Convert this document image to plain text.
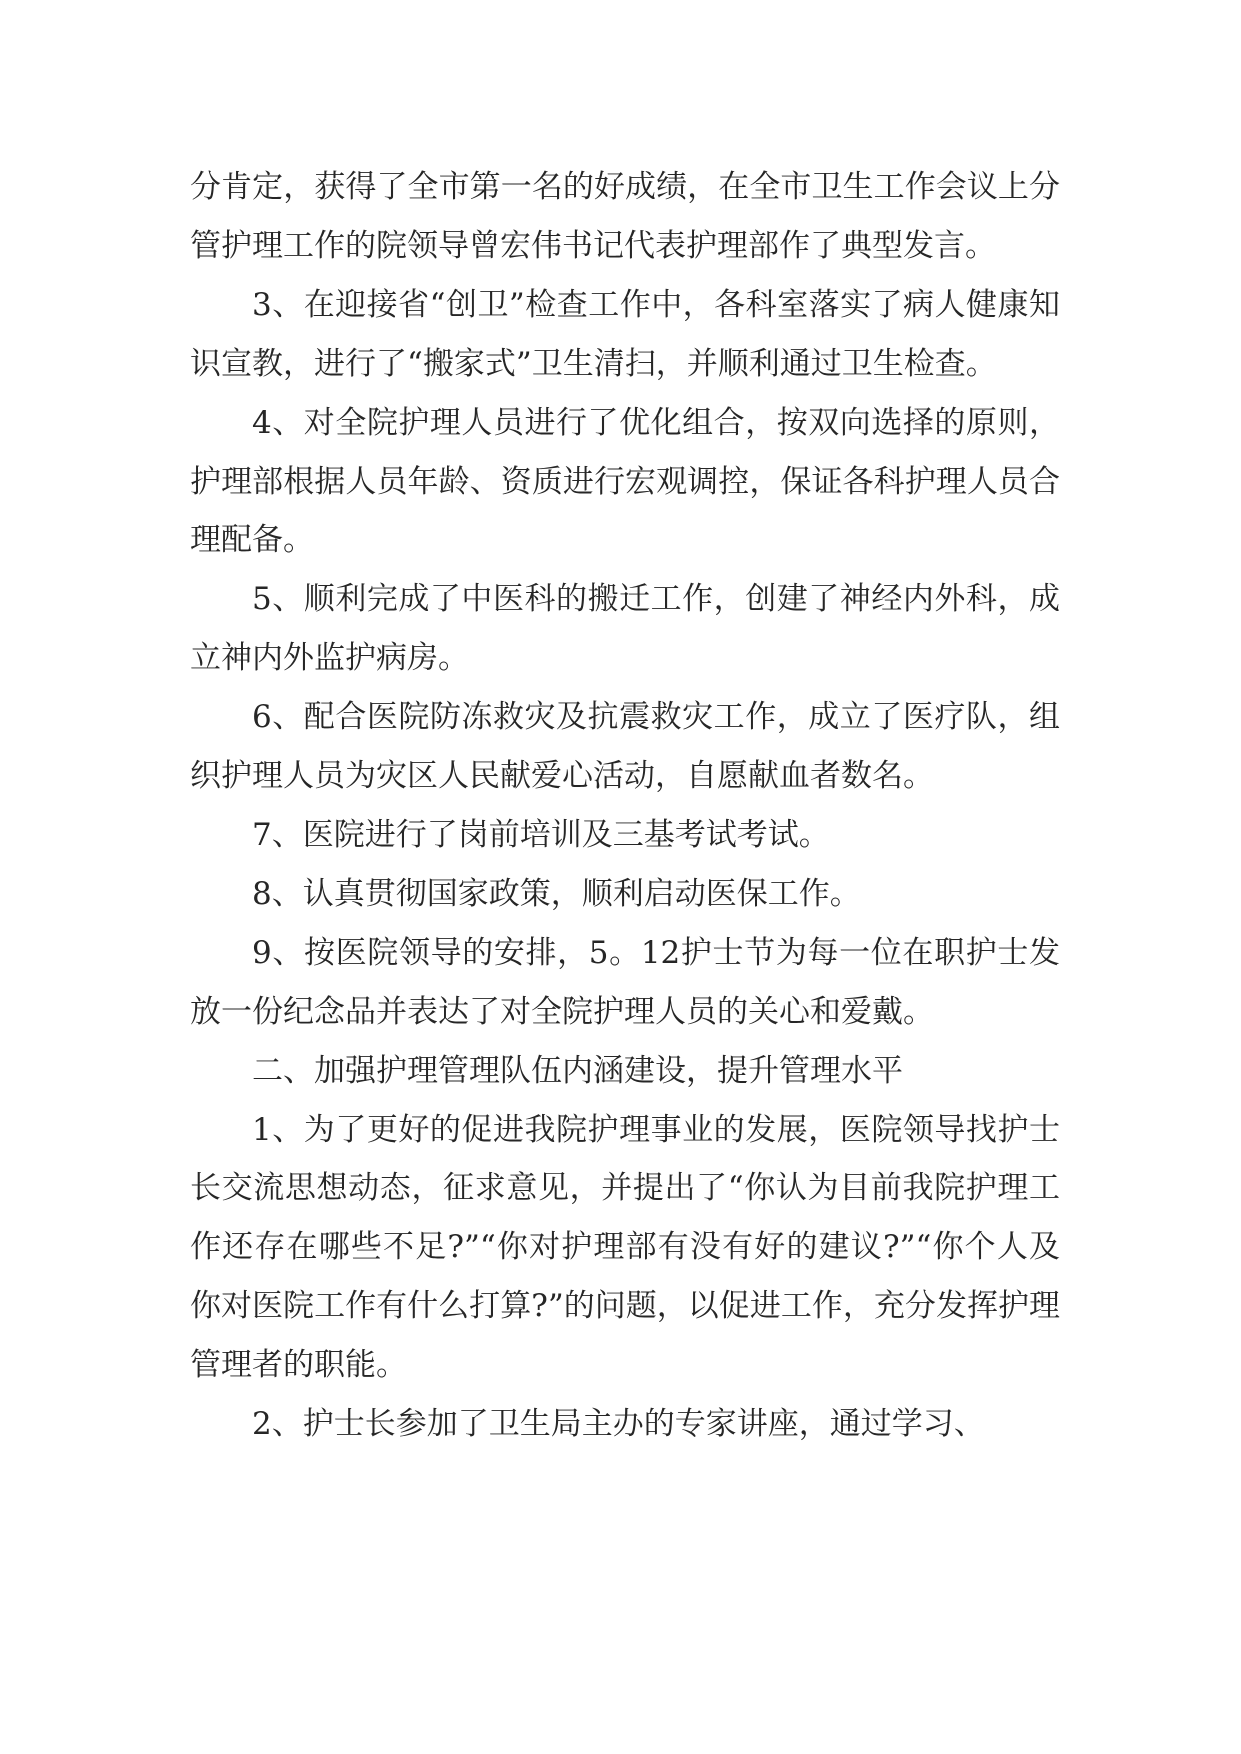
分肯定，获得了全市第一名的好成绩，在全市卫生工作会议上分管护理工作的院领导曾宏伟书记代表护理部作了典型发言。

3、在迎接省“创卫”检查工作中，各科室落实了病人健康知识宣教，进行了“搬家式”卫生清扫，并顺利通过卫生检查。

4、对全院护理人员进行了优化组合，按双向选择的原则，护理部根据人员年龄、资质进行宏观调控，保证各科护理人员合理配备。

5、顺利完成了中医科的搬迁工作，创建了神经内外科，成立神内外监护病房。

6、配合医院防冻救灾及抗震救灾工作，成立了医疗队，组织护理人员为灾区人民献爱心活动，自愿献血者数名。

7、医院进行了岗前培训及三基考试考试。

8、认真贯彻国家政策，顺利启动医保工作。

9、按医院领导的安排，5。12护士节为每一位在职护士发放一份纪念品并表达了对全院护理人员的关心和爱戴。

二、加强护理管理队伍内涵建设，提升管理水平

1、为了更好的促进我院护理事业的发展，医院领导找护士长交流思想动态，征求意见，并提出了“你认为目前我院护理工作还存在哪些不足?”“你对护理部有没有好的建议?”“你个人及你对医院工作有什么打算?”的问题，以促进工作，充分发挥护理管理者的职能。

2、护士长参加了卫生局主办的专家讲座，通过学习、
